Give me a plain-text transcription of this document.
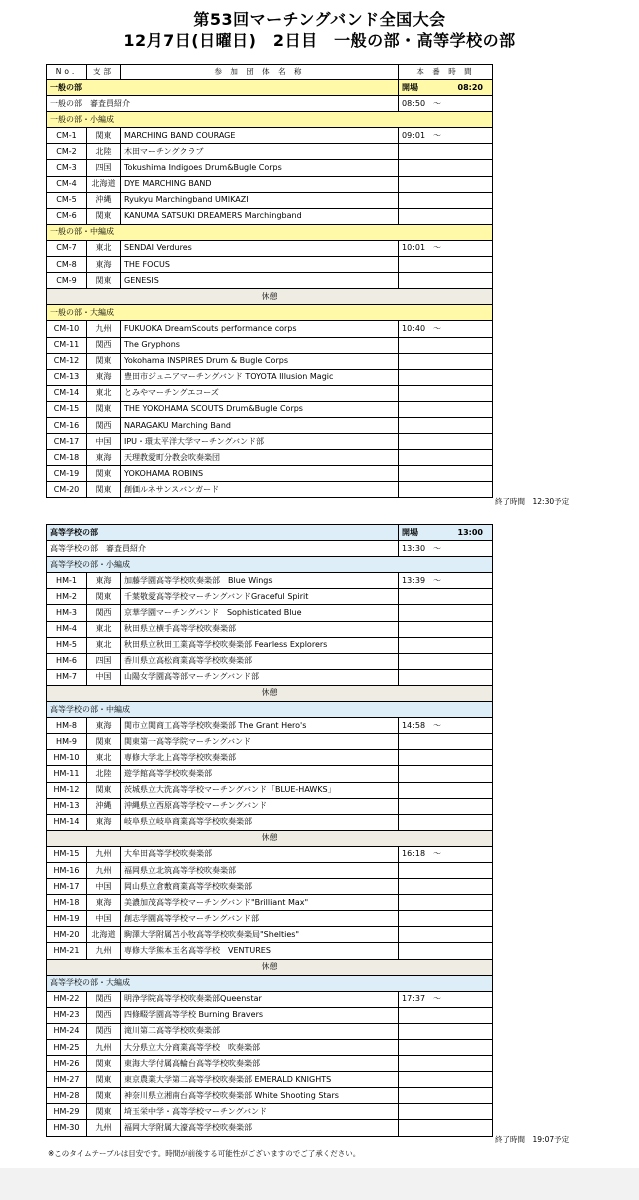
第53回マーチングバンド全国大会
12月7日(日曜日)　2日目　一般の部・高等学校の部
No.	支部	参 加 団 体 名 称	本 番 時 間
一般の部			開場 08:20

一般の部　審査員紹介			08:50　〜
一般の部・小編成			
CM-1	関東	MARCHING BAND COURAGE	09:01　〜
CM-2	北陸	木田マーチングクラブ	
CM-3	四国	Tokushima Indigoes Drum&Bugle Corps	
CM-4	北海道	DYE MARCHING BAND	
CM-5	沖縄	Ryukyu Marchingband UMIKAZI	
CM-6	関東	KANUMA SATSUKI DREAMERS Marchingband	
一般の部・中編成			
CM-7	東北	SENDAI Verdures	10:01　〜
CM-8	東海	THE FOCUS	
CM-9	関東	GENESIS	
休憩			
一般の部・大編成			
CM-10	九州	FUKUOKA DreamScouts performance corps	10:40　〜
CM-11	関西	The Gryphons	
CM-12	関東	Yokohama INSPIRES Drum & Bugle Corps	
CM-13	東海	豊田市ジュニアマーチングバンド TOYOTA Illusion Magic	
CM-14	東北	とみやマーチングエコーズ	
CM-15	関東	THE YOKOHAMA SCOUTS Drum&Bugle Corps	
CM-16	関西	NARAGAKU Marching Band	
CM-17	中国	IPU・環太平洋大学マーチングバンド部	
CM-18	東海	天理教愛町分教会吹奏楽団	
CM-19	関東	YOKOHAMA ROBINS	
CM-20	関東	創価ルネサンスバンガード	
終了時間　12:30予定
高等学校の部			開場 13:00

高等学校の部　審査員紹介			13:30　〜
高等学校の部・小編成			
HM-1	東海	加藤学園高等学校吹奏楽部　Blue Wings	13:39　〜
HM-2	関東	千葉敬愛高等学校マーチングバンドGraceful Spirit	
HM-3	関西	京華学園マーチングバンド　Sophisticated Blue	
HM-4	東北	秋田県立横手高等学校吹奏楽部	
HM-5	東北	秋田県立秋田工業高等学校吹奏楽部 Fearless Explorers	
HM-6	四国	香川県立高松商業高等学校吹奏楽部	
HM-7	中国	山陽女学園高等部マーチングバンド部	
休憩			
高等学校の部・中編成			
HM-8	東海	関市立関商工高等学校吹奏楽部 The Grant Hero's	14:58　〜
HM-9	関東	関東第一高等学院マーチングバンド	
HM-10	東北	専修大学北上高等学校吹奏楽部	
HM-11	北陸	遊学館高等学校吹奏楽部	
HM-12	関東	茨城県立大洗高等学校マーチングバンド「BLUE-HAWKS」	
HM-13	沖縄	沖縄県立西原高等学校マーチングバンド	
HM-14	東海	岐阜県立岐阜商業高等学校吹奏楽部	
休憩			
HM-15	九州	大牟田高等学校吹奏楽部	16:18　〜
HM-16	九州	福岡県立北筑高等学校吹奏楽部	
HM-17	中国	岡山県立倉敷商業高等学校吹奏楽部	
HM-18	東海	美濃加茂高等学校マーチングバンド"Brilliant Max"	
HM-19	中国	創志学園高等学校マーチングバンド部	
HM-20	北海道	駒澤大学附属苫小牧高等学校吹奏楽局"Shelties"	
HM-21	九州	専修大学熊本玉名高等学校　VENTURES	
休憩			
高等学校の部・大編成			
HM-22	関西	明浄学院高等学校吹奏楽部Queenstar	17:37　〜
HM-23	関西	四條畷学園高等学校 Burning Bravers	
HM-24	関西	滝川第二高等学校吹奏楽部	
HM-25	九州	大分県立大分商業高等学校　吹奏楽部	
HM-26	関東	東海大学付属高輪台高等学校吹奏楽部	
HM-27	関東	東京農業大学第二高等学校吹奏楽部 EMERALD KNIGHTS	
HM-28	関東	神奈川県立湘南台高等学校吹奏楽部 White Shooting Stars	
HM-29	関東	埼玉栄中学・高等学校マーチングバンド	
HM-30	九州	福岡大学附属大濠高等学校吹奏楽部	
終了時間　19:07予定
※このタイムテーブルは目安です。時間が前後する可能性がございますのでご了承ください。
